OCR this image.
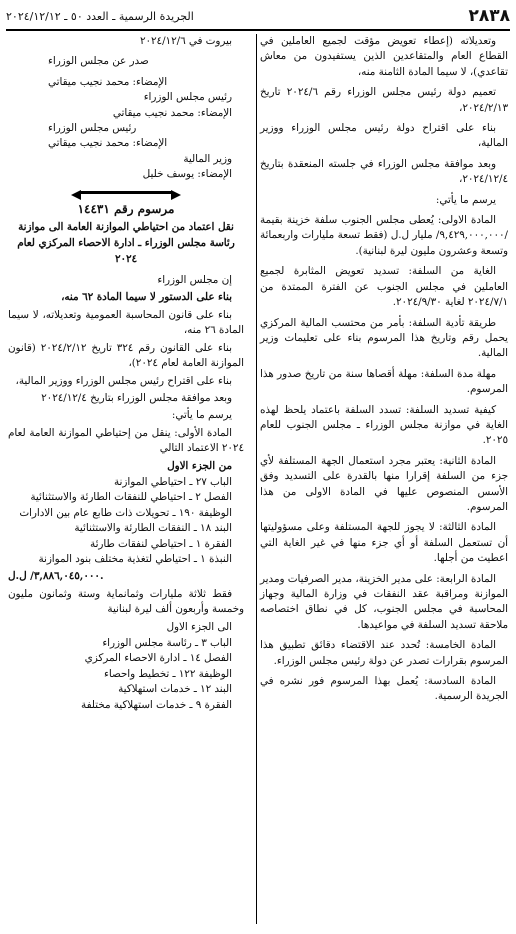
٢٨٣٨
الجريدة الرسمية ـ العدد ٥٠ ـ ٢٠٢٤/١٢/١٢

وتعديلاته (إعطاء تعويض مؤقت لجميع العاملين في القطاع العام والمتقاعدين الذين يستفيدون من معاش تقاعدي)، لا سيما المادة الثامنة منه،

تعميم دولة رئيس مجلس الوزراء رقم ٢٠٢٤/٦ تاريخ ٢٠٢٤/٢/١٣،

بناء على اقتراح دولة رئيس مجلس الوزراء ووزير المالية،

وبعد موافقة مجلس الوزراء في جلسته المنعقدة بتاريخ ٢٠٢٤/١٢/٤،

يرسم ما يأتي:

المادة الاولى: يُعطى مجلس الجنوب سلفة خزينة بقيمة /٩,٤٢٩,٠٠٠,٠٠٠/ مليار ل.ل (فقط تسعة مليارات واربعمائة وتسعة وعشرون مليون ليرة لبنانية).

الغاية من السلفة: تسديد تعويض المثابرة لجميع العاملين في مجلس الجنوب عن الفترة الممتدة من ٢٠٢٤/٧/١ لغاية ٢٠٢٤/٩/٣٠.

طريقة تأدية السلفة: بأمر من محتسب المالية المركزي يحمل رقم وتاريخ هذا المرسوم بناء على تعليمات وزير المالية.

مهلة مدة السلفة: مهلة أقصاها سنة من تاريخ صدور هذا المرسوم.

كيفية تسديد السلفة: تسدد السلفة باعتماد يلحظ لهذه الغاية في موازنة مجلس الوزراء ـ مجلس الجنوب للعام ٢٠٢٥.

المادة الثانية: يعتبر مجرد استعمال الجهة المستلفة لأي جزء من السلفة إقرارا منها بالقدرة على التسديد وفق الأسس المنصوص عليها في المادة الاولى من هذا المرسوم.

المادة الثالثة: لا يجوز للجهة المستلفة وعلى مسؤوليتها أن تستعمل السلفة أو أي جزء منها في غير الغاية التي اعطيت من أجلها.

المادة الرابعة: على مدير الخزينة، مدير الصرفيات ومدير الموازنة ومراقبة عقد النفقات في وزارة المالية وجهاز المحاسبة في مجلس الجنوب، كل في نطاق اختصاصه ملاحقة تسديد السلفة في مواعيدها.

المادة الخامسة: تُحدد عند الاقتضاء دقائق تطبيق هذا المرسوم بقرارات تصدر عن دولة رئيس مجلس الوزراء.

المادة السادسة: يُعمل بهذا المرسوم فور نشره في الجريدة الرسمية.

بيروت في ٢٠٢٤/١٢/٦

صدر عن مجلس الوزراء

الإمضاء: محمد نجيب ميقاتي

رئيس مجلس الوزراء

الإمضاء: محمد نجيب ميقاتي

رئيس مجلس الوزراء

الإمضاء: محمد نجيب ميقاتي

وزير المالية

الإمضاء: يوسف خليل

مرسوم رقم ١٤٤٣١
نقل اعتماد من احتياطي الموازنة العامة الى موازنة رئاسة مجلس الوزراء ـ ادارة الاحصاء المركزي لعام ٢٠٢٤

إن مجلس الوزراء

بناء على الدستور لا سيما المادة ٦٢ منه،

بناء على قانون المحاسبة العمومية وتعديلاته، لا سيما المادة ٢٦ منه،

بناء على القانون رقم ٣٢٤ تاريخ ٢٠٢٤/٢/١٢ (قانون الموازنة العامة لعام ٢٠٢٤)،

بناء على اقتراح رئيس مجلس الوزراء ووزير المالية،

وبعد موافقة مجلس الوزراء بتاريخ ٢٠٢٤/١٢/٤

يرسم ما يأتي:

المادة الأولى: ينقل من إحتياطي الموازنة العامة لعام ٢٠٢٤ الاعتماد التالي

من الجزء الاول

الباب ٢٧ ـ احتياطي الموازنة
الفصل ٢ ـ احتياطي للنفقات الطارئة والاستثنائية
الوظيفة ١٩٠ ـ تحويلات ذات طابع عام بين الادارات
البند ١٨ ـ النفقات الطارئة والاستثنائية
الفقرة ١ ـ احتياطي لنفقات طارئة
النبذة ١ ـ احتياطي لتغذية مختلف بنود الموازنة

٣,٨٨٦,٠٤٥,٠٠٠/ ل.ل.

فقط ثلاثة مليارات وثمانماية وستة وثمانون مليون وخمسة وأربعون ألف ليرة لبنانية

الى الجزء الاول

الباب ٣ ـ رئاسة مجلس الوزراء
الفصل ١٤ ـ ادارة الاحصاء المركزي
الوظيفة ١٢٢ ـ تخطيط واحصاء
البند ١٢ ـ خدمات استهلاكية
الفقرة ٩ ـ خدمات استهلاكية مختلفة
